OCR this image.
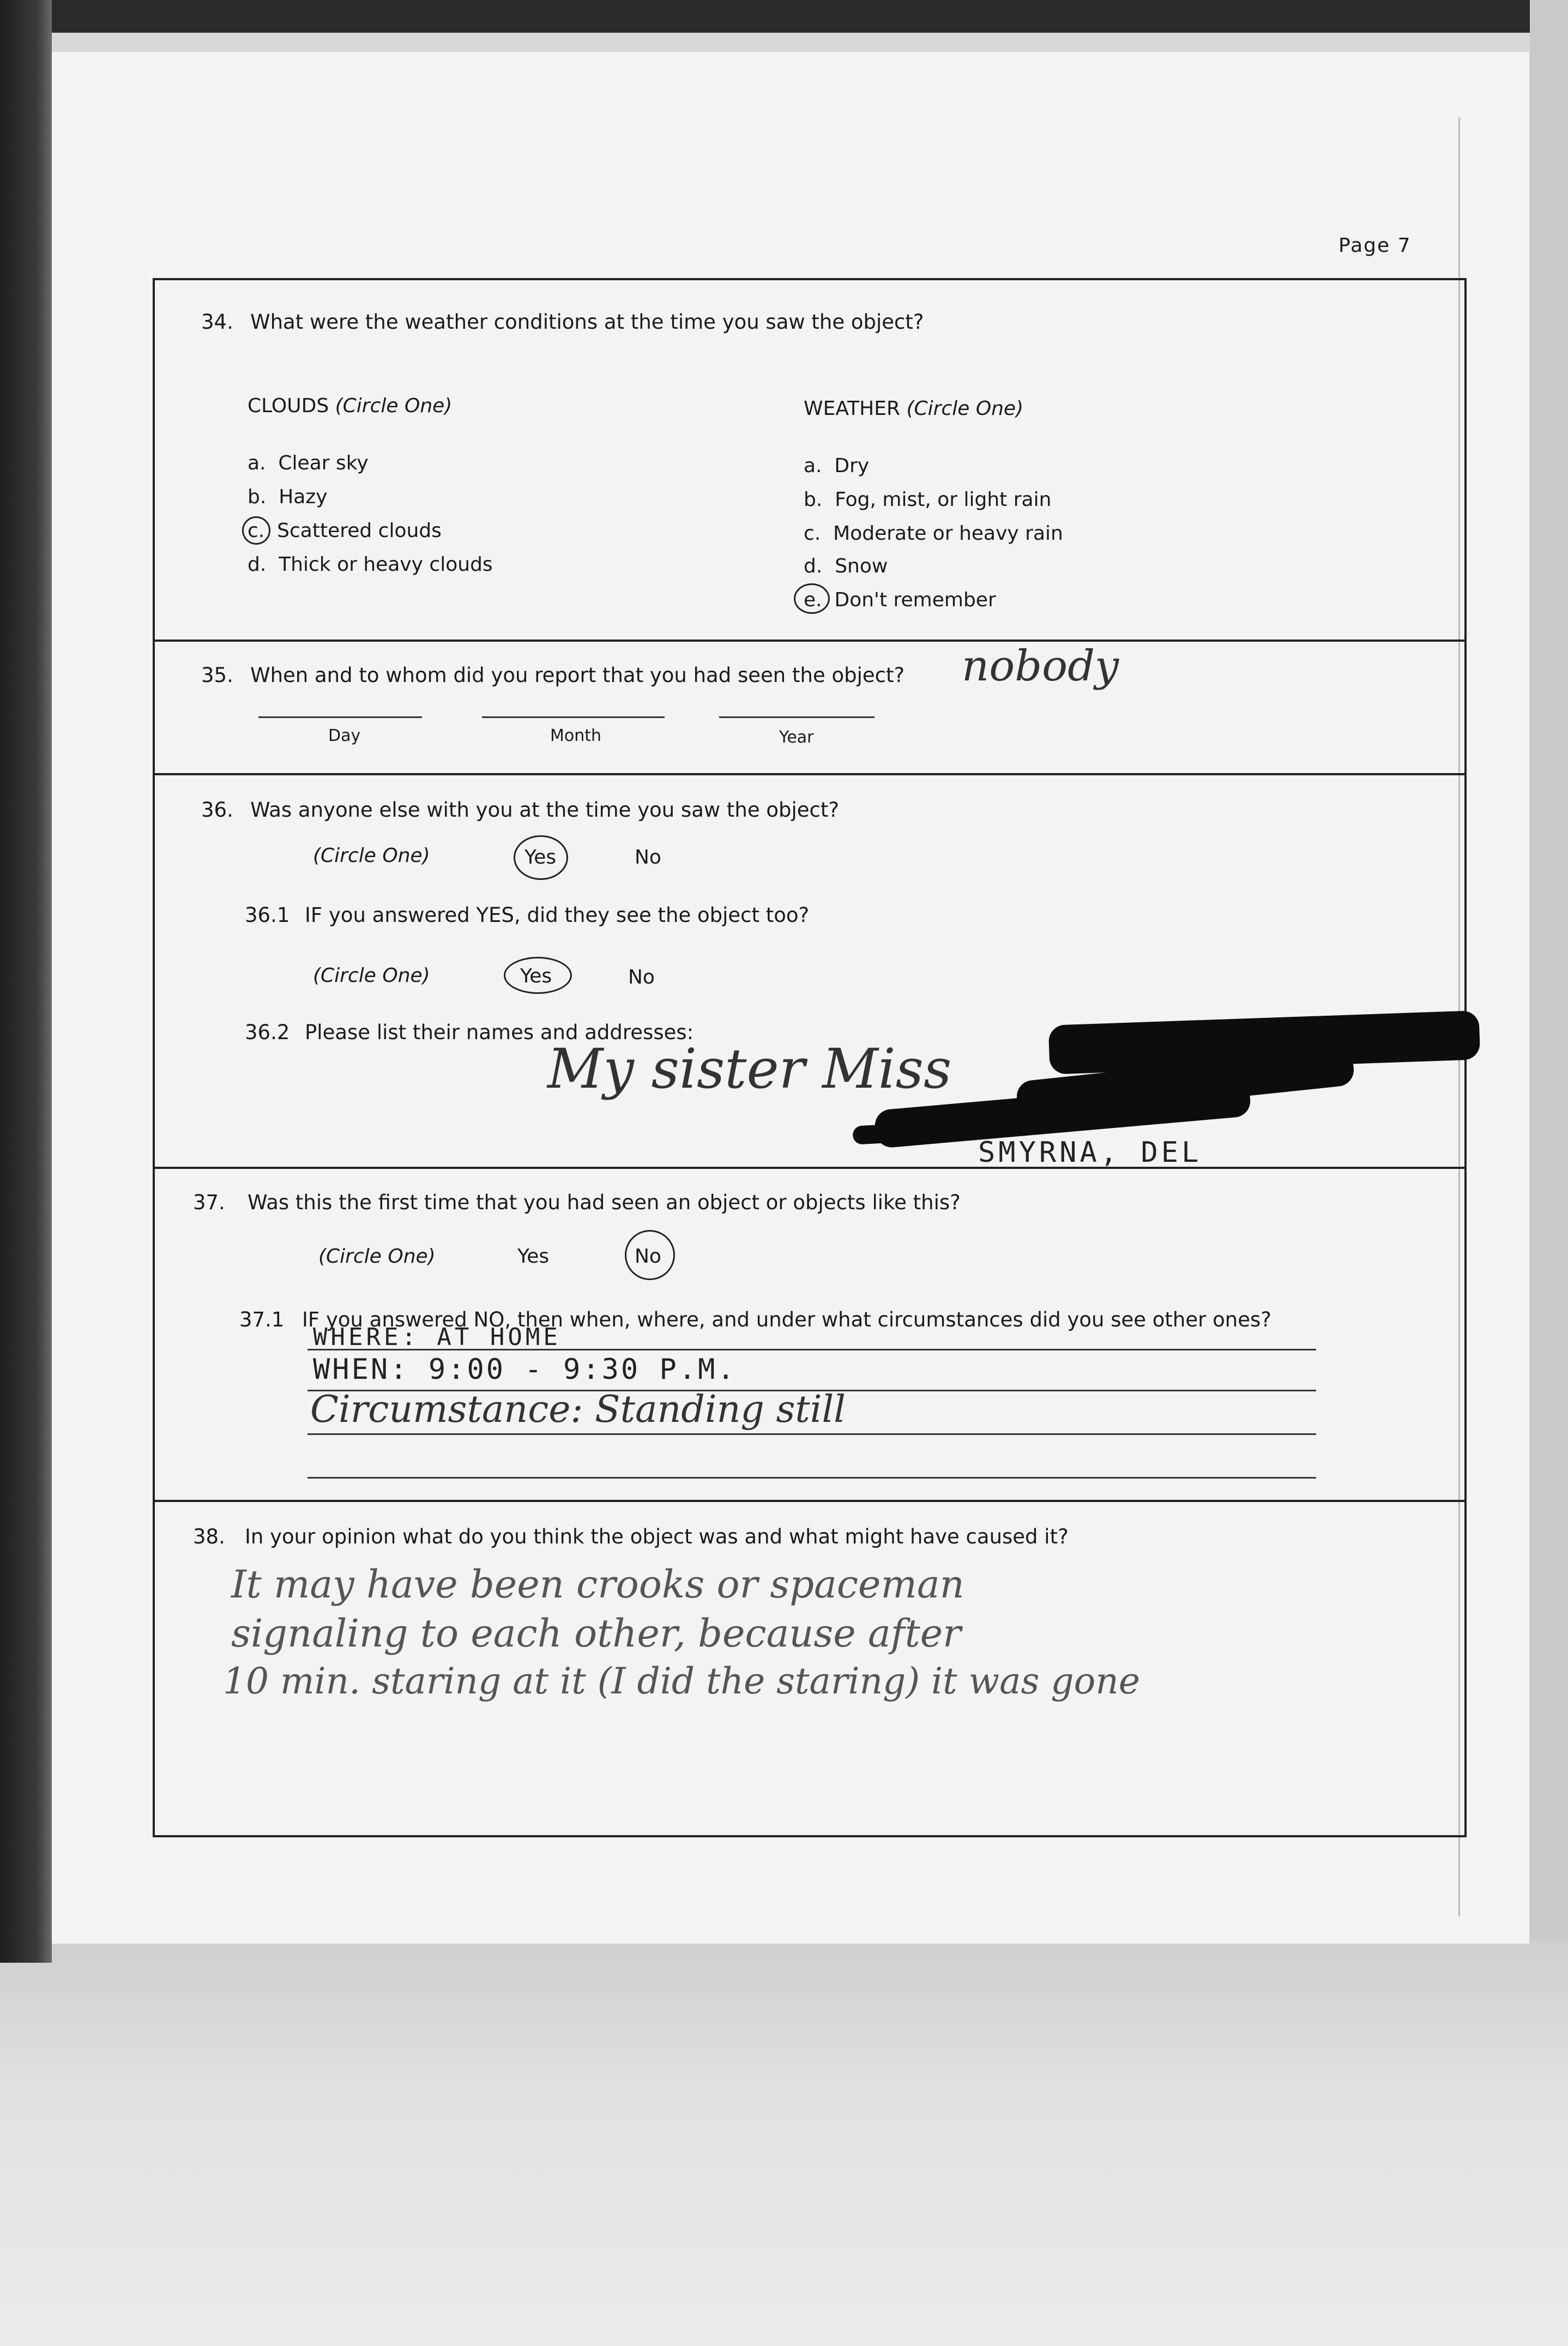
Page 7
34. What were the weather conditions at the time you saw the object?
CLOUDS (Circle One)
a. Clear sky
b. Hazy
c. Scattered clouds
d. Thick or heavy clouds
WEATHER (Circle One)
a. Dry
b. Fog, mist, or light rain
c. Moderate or heavy rain
d. Snow
e. Don't remember
35. When and to whom did you report that you had seen the object? nobody
Day	Month	Year
36. Was anyone else with you at the time you saw the object?
(Circle One)	Yes	No
36.1 IF you answered YES, did they see the object too?
(Circle One)	Yes	No
36.2 Please list their names and addresses:
My sister Miss
SMYRNA, DEL
37. Was this the first time that you had seen an object or objects like this?
(Circle One)	Yes	No
37.1 IF you answered NO, then when, where, and under what circumstances did you see other ones?
WHERE: AT HOME
WHEN: 9:00 - 9:30 P.M.
Circumstance: Standing still
38. In your opinion what do you think the object was and what might have caused it?
It may have been crooks or spaceman
signaling to each other, because after
10 min. staring at it (I did the staring) it was gone
